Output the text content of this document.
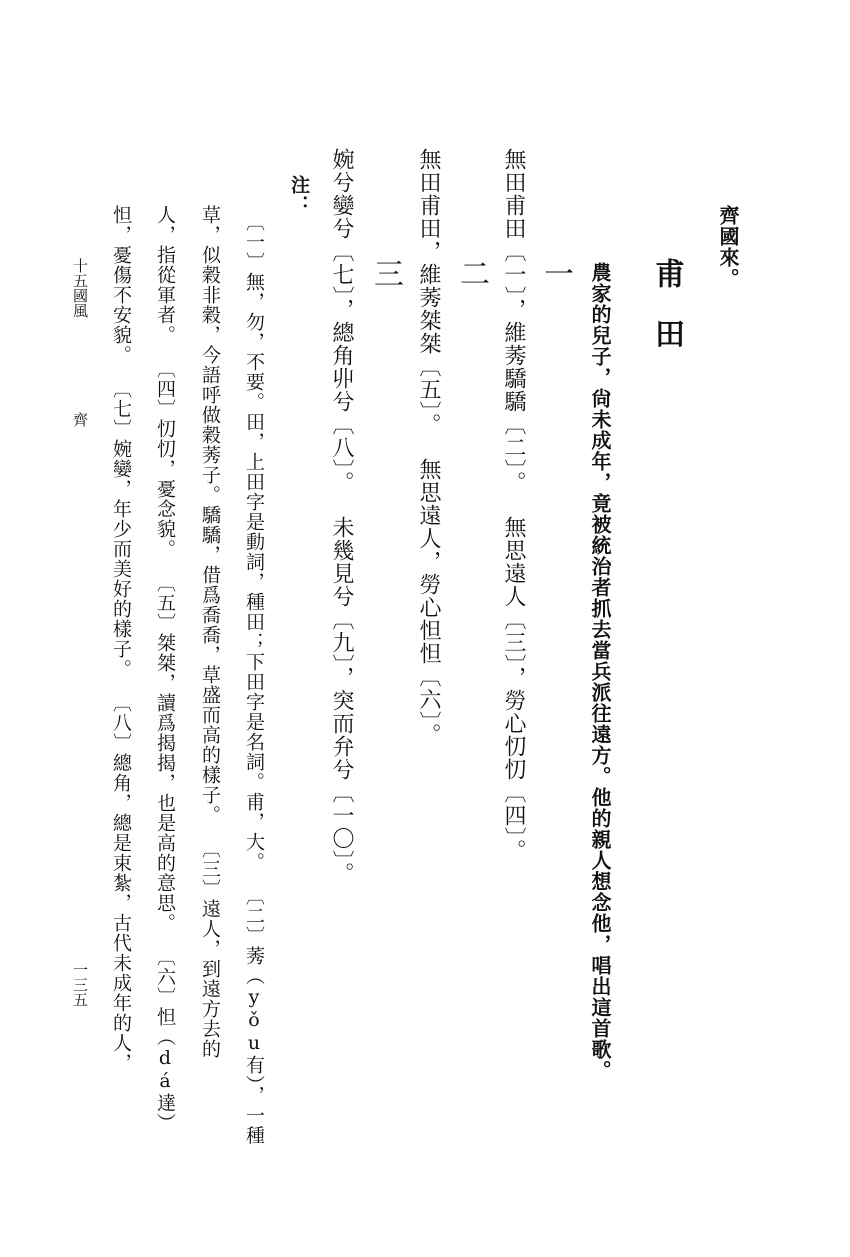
齊國來。
甫　田
農家的兒子，尙未成年，竟被統治者抓去當兵派往遠方。他的親人想念他，唱出這首歌。
一
無田甫田〔一〕，維莠驕驕〔二〕。無思遠人〔三〕，勞心忉忉〔四〕。
二
無田甫田，維莠桀桀〔五〕。無思遠人，勞心怛怛〔六〕。
三
婉兮孌兮〔七〕，總角丱兮〔八〕。未幾見兮〔九〕，突而弁兮〔一〇〕。
注：
〔一〕無，勿，不要。田，上田字是動詞，種田；下田字是名詞。甫，大。〔二〕莠（yǒu有），一種
草，似穀非穀，今語呼做穀莠子。驕驕，借爲喬喬，草盛而高的樣子。〔三〕遠人，到遠方去的
人，指從軍者。〔四〕忉忉，憂念貌。〔五〕桀桀，讀爲揭揭，也是高的意思。〔六〕怛（dá達）
怛，憂傷不安貌。〔七〕婉孌，年少而美好的樣子。〔八〕總角，總是束紮，古代未成年的人，
十五國風
齊
一三五
